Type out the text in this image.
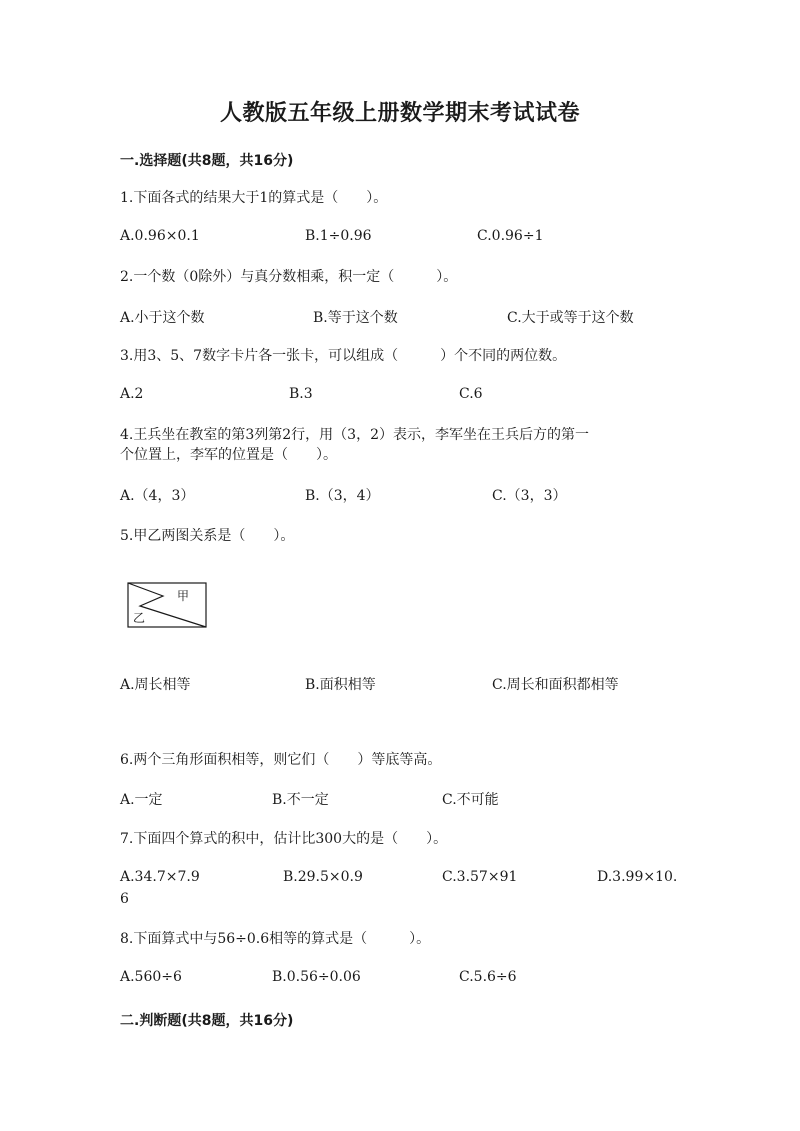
人教版五年级上册数学期末考试试卷
一.选择题(共8题，共16分)
1.下面各式的结果大于1的算式是（　　）。
A.0.96×0.1	B.1÷0.96	C.0.96÷1
2.一个数（0除外）与真分数相乘，积一定（　　　）。
A.小于这个数	B.等于这个数	C.大于或等于这个数
3.用3、5、7数字卡片各一张卡，可以组成（　　　）个不同的两位数。
A.2	B.3	C.6
4.王兵坐在教室的第3列第2行，用（3，2）表示，李军坐在王兵后方的第一
个位置上，李军的位置是（　　）。
A.（4，3）	B.（3，4）	C.（3，3）
5.甲乙两图关系是（　　）。
甲
乙
A.周长相等	B.面积相等	C.周长和面积都相等
6.两个三角形面积相等，则它们（　　）等底等高。
A.一定	B.不一定	C.不可能
7.下面四个算式的积中，估计比300大的是（　　）。
A.34.7×7.9	B.29.5×0.9	C.3.57×91	D.3.99×10.
6
8.下面算式中与56÷0.6相等的算式是（　　　）。
A.560÷6	B.0.56÷0.06	C.5.6÷6
二.判断题(共8题，共16分)
